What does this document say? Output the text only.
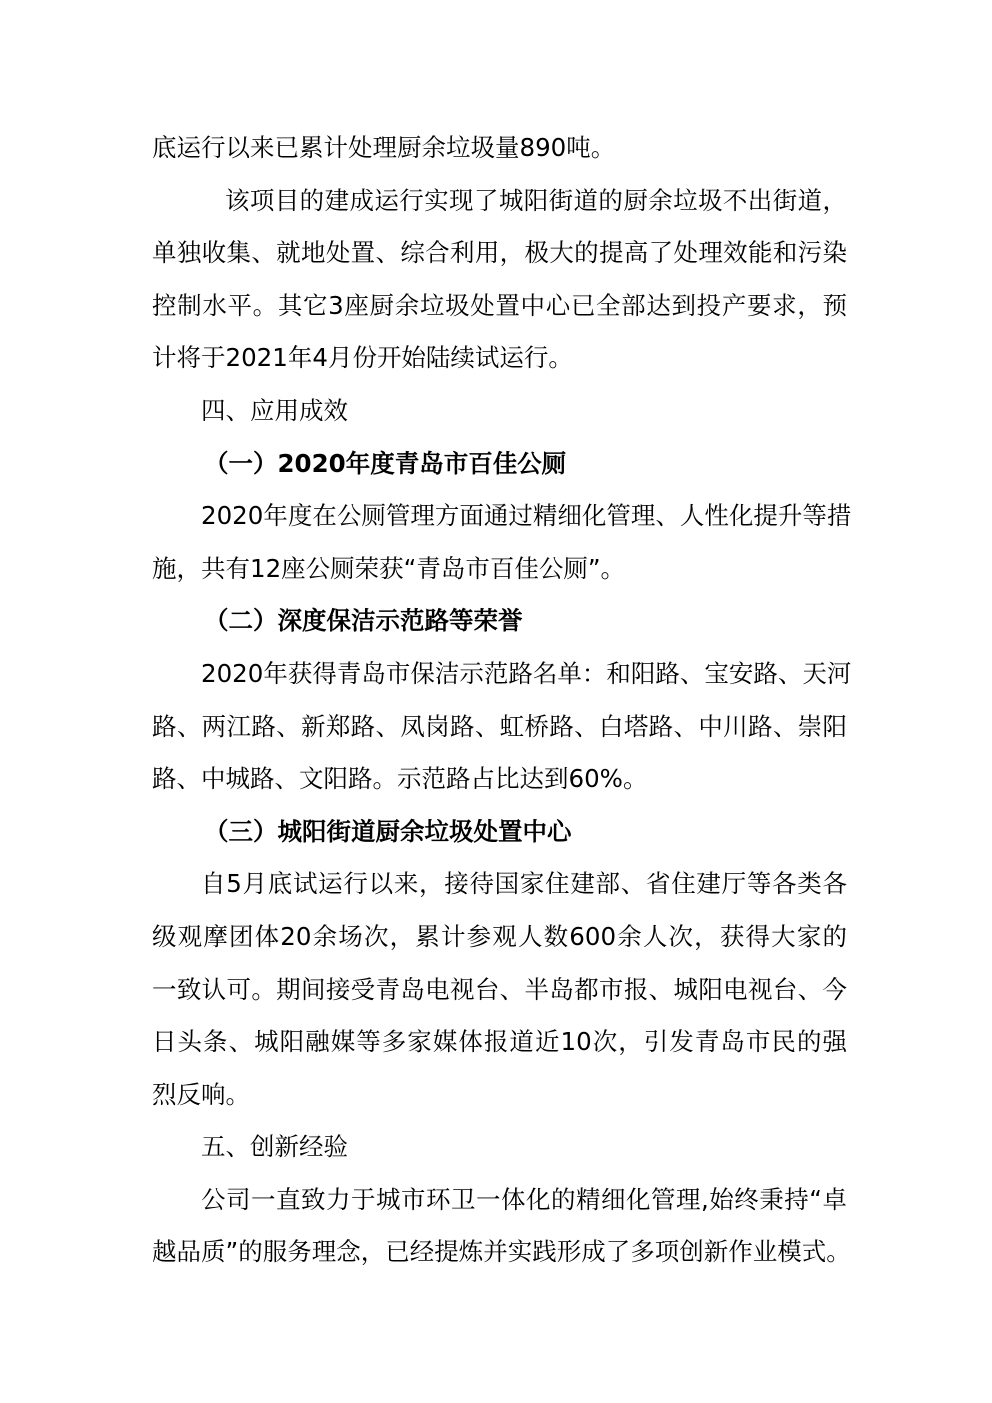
底运行以来已累计处理厨余垃圾量890吨。
该项目的建成运行实现了城阳街道的厨余垃圾不出街道，
单独收集、就地处置、综合利用，极大的提高了处理效能和污染
控制水平。其它3座厨余垃圾处置中心已全部达到投产要求，预
计将于2021年4月份开始陆续试运行。
四、应用成效
（一）2020年度青岛市百佳公厕
2020年度在公厕管理方面通过精细化管理、人性化提升等措
施，共有12座公厕荣获“青岛市百佳公厕”。
（二）深度保洁示范路等荣誉
2020年获得青岛市保洁示范路名单：和阳路、宝安路、天河
路、两江路、新郑路、凤岗路、虹桥路、白塔路、中川路、崇阳
路、中城路、文阳路。示范路占比达到60%。
（三）城阳街道厨余垃圾处置中心
自5月底试运行以来，接待国家住建部、省住建厅等各类各
级观摩团体20余场次，累计参观人数600余人次，获得大家的
一致认可。期间接受青岛电视台、半岛都市报、城阳电视台、今
日头条、城阳融媒等多家媒体报道近10次，引发青岛市民的强
烈反响。
五、创新经验
公司一直致力于城市环卫一体化的精细化管理,始终秉持“卓
越品质”的服务理念，已经提炼并实践形成了多项创新作业模式。
